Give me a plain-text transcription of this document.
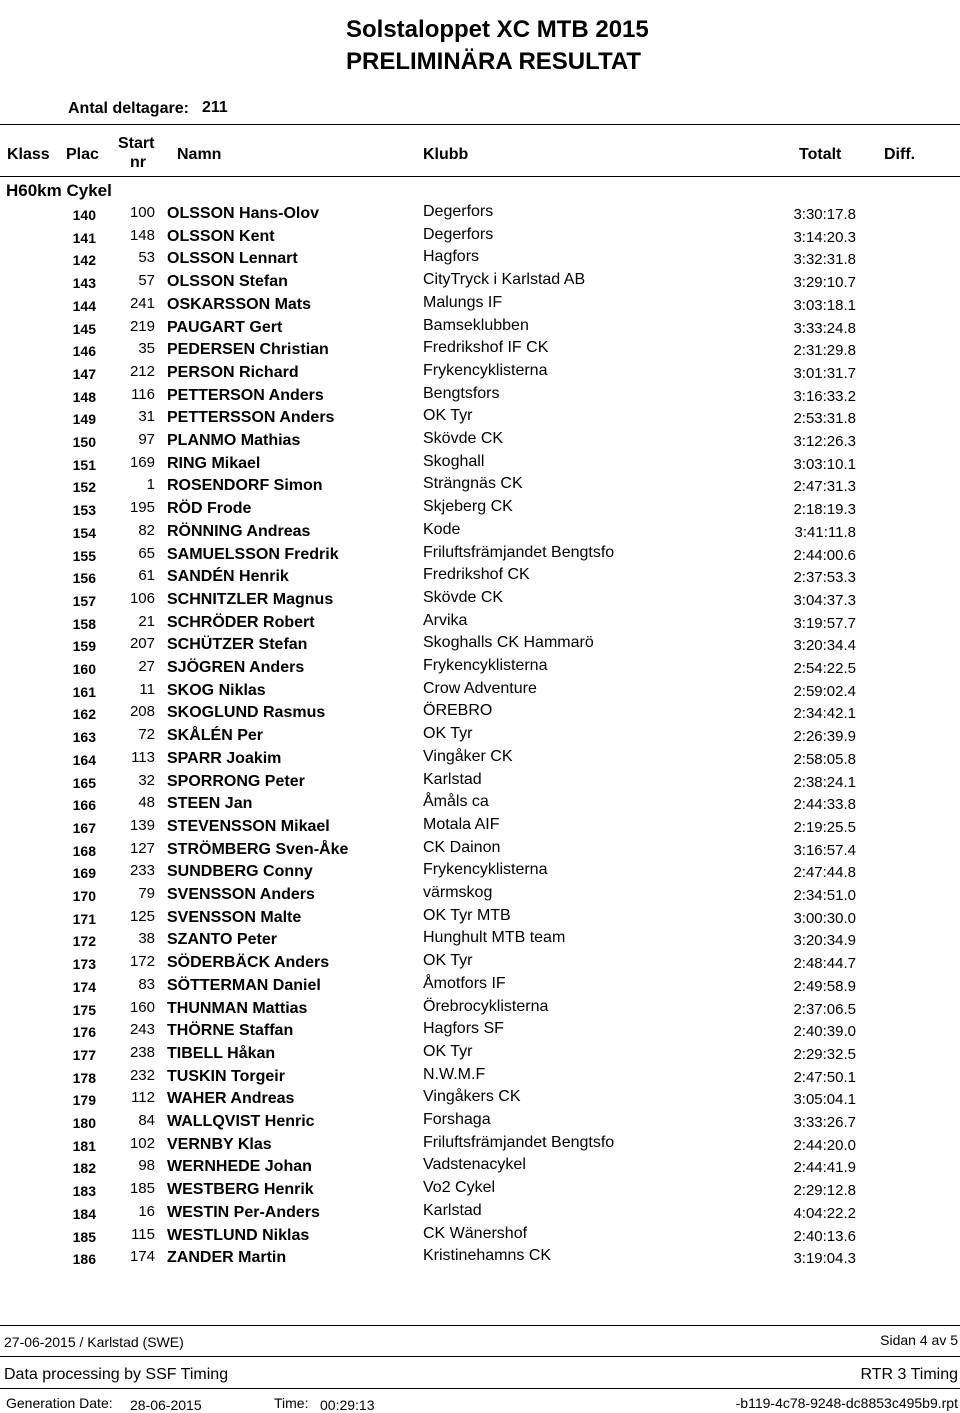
Solstaloppet XC MTB 2015
PRELIMINÄRA RESULTAT
Antal deltagare: 211
Klass Plac
Start
nr Namn	Klubb	Totalt	Diff.
H60km Cykel
140	100 OLSSON Hans-Olov	Degerfors	3:30:17.8
141	148 OLSSON Kent	Degerfors	3:14:20.3
142	53 OLSSON Lennart	Hagfors	3:32:31.8
143	57 OLSSON Stefan	CityTryck i Karlstad AB	3:29:10.7
144	241 OSKARSSON Mats	Malungs IF	3:03:18.1
145	219 PAUGART Gert	Bamseklubben	3:33:24.8
146	35 PEDERSEN Christian	Fredrikshof IF CK	2:31:29.8
147	212 PERSON Richard	Frykencyklisterna	3:01:31.7
148	116 PETTERSON Anders	Bengtsfors	3:16:33.2
149	31 PETTERSSON Anders	OK Tyr	2:53:31.8
150	97 PLANMO Mathias	Skövde CK	3:12:26.3
151	169 RING Mikael	Skoghall	3:03:10.1
152	1 ROSENDORF Simon	Strängnäs CK	2:47:31.3
153	195 RÖD Frode	Skjeberg CK	2:18:19.3
154	82 RÖNNING Andreas	Kode	3:41:11.8
155	65 SAMUELSSON Fredrik	Friluftsfrämjandet Bengtsfo	2:44:00.6
156	61 SANDÉN Henrik	Fredrikshof CK	2:37:53.3
157	106 SCHNITZLER Magnus	Skövde CK	3:04:37.3
158	21 SCHRÖDER Robert	Arvika	3:19:57.7
159	207 SCHÜTZER Stefan	Skoghalls CK Hammarö	3:20:34.4
160	27 SJÖGREN Anders	Frykencyklisterna	2:54:22.5
161	11 SKOG Niklas	Crow Adventure	2:59:02.4
162	208 SKOGLUND Rasmus	ÖREBRO	2:34:42.1
163	72 SKÅLÉN Per	OK Tyr	2:26:39.9
164	113 SPARR Joakim	Vingåker CK	2:58:05.8
165	32 SPORRONG Peter	Karlstad	2:38:24.1
166	48 STEEN Jan	Åmåls ca	2:44:33.8
167	139 STEVENSSON Mikael	Motala AIF	2:19:25.5
168	127 STRÖMBERG Sven-Åke	CK Dainon	3:16:57.4
169	233 SUNDBERG Conny	Frykencyklisterna	2:47:44.8
170	79 SVENSSON Anders	värmskog	2:34:51.0
171	125 SVENSSON Malte	OK Tyr MTB	3:00:30.0
172	38 SZANTO Peter	Hunghult MTB team	3:20:34.9
173	172 SÖDERBÄCK Anders	OK Tyr	2:48:44.7
174	83 SÖTTERMAN Daniel	Åmotfors IF	2:49:58.9
175	160 THUNMAN Mattias	Örebrocyklisterna	2:37:06.5
176	243 THÖRNE Staffan	Hagfors SF	2:40:39.0
177	238 TIBELL Håkan	OK Tyr	2:29:32.5
178	232 TUSKIN Torgeir	N.W.M.F	2:47:50.1
179	112 WAHER Andreas	Vingåkers CK	3:05:04.1
180	84 WALLQVIST Henric	Forshaga	3:33:26.7
181	102 VERNBY Klas	Friluftsfrämjandet Bengtsfo	2:44:20.0
182	98 WERNHEDE Johan	Vadstenacykel	2:44:41.9
183	185 WESTBERG Henrik	Vo2 Cykel	2:29:12.8
184	16 WESTIN Per-Anders	Karlstad	4:04:22.2
185	115 WESTLUND Niklas	CK Wänershof	2:40:13.6
186	174 ZANDER Martin	Kristinehamns CK	3:19:04.3
27-06-2015 / Karlstad (SWE)	Sidan 4 av 5
Data processing by SSF Timing	RTR 3 Timing
Generation Date: 28-06-2015	Time: 00:29:13	-b119-4c78-9248-dc8853c495b9.rpt
